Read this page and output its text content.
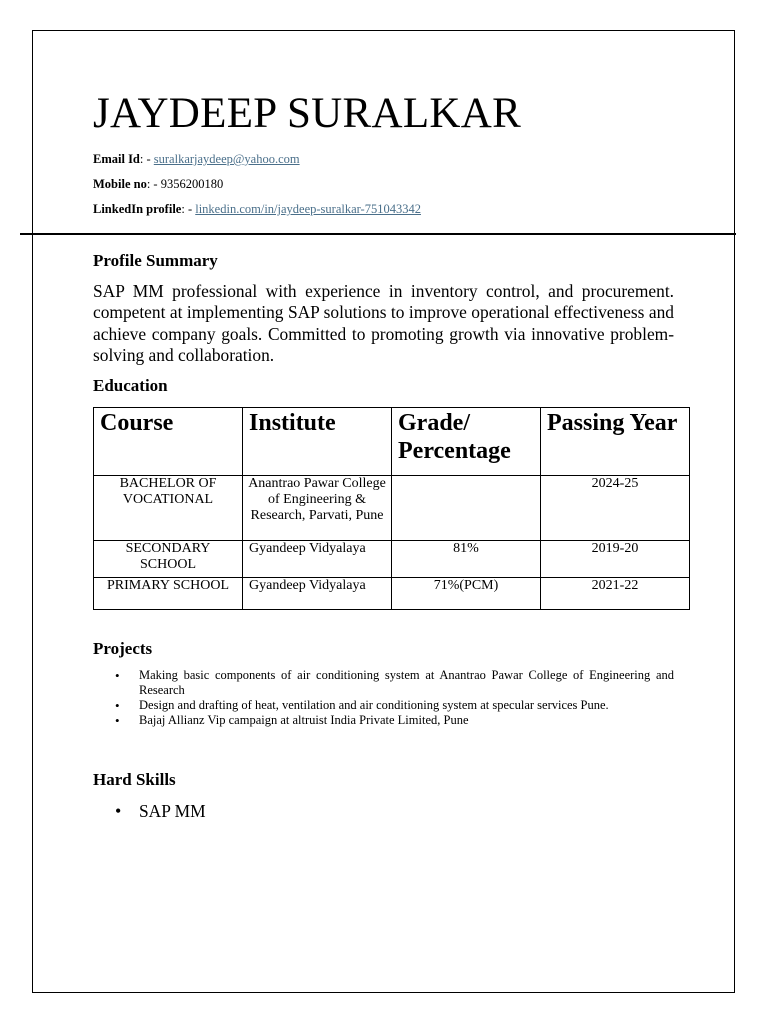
JAYDEEP SURALKAR
Email Id: - suralkarjaydeep@yahoo.com
Mobile no: - 9356200180
LinkedIn profile: - linkedin.com/in/jaydeep-suralkar-751043342
Profile Summary
SAP MM professional with experience in inventory control, and procurement. competent at implementing SAP solutions to improve operational effectiveness and achieve company goals. Committed to promoting growth via innovative problem-solving and collaboration.
Education
Course	Institute	Grade/ Percentage	Passing Year
BACHELOR OF VOCATIONAL	Anantrao Pawar College of Engineering & Research, Parvati, Pune		2024-25
SECONDARY SCHOOL	Gyandeep Vidyalaya	81%	2019-20
PRIMARY SCHOOL	Gyandeep Vidyalaya	71%(PCM)	2021-22
Projects
• Making basic components of air conditioning system at Anantrao Pawar College of Engineering and Research
• Design and drafting of heat, ventilation and air conditioning system at specular services Pune.
• Bajaj Allianz Vip campaign at altruist India Private Limited, Pune
Hard Skills
• SAP MM
